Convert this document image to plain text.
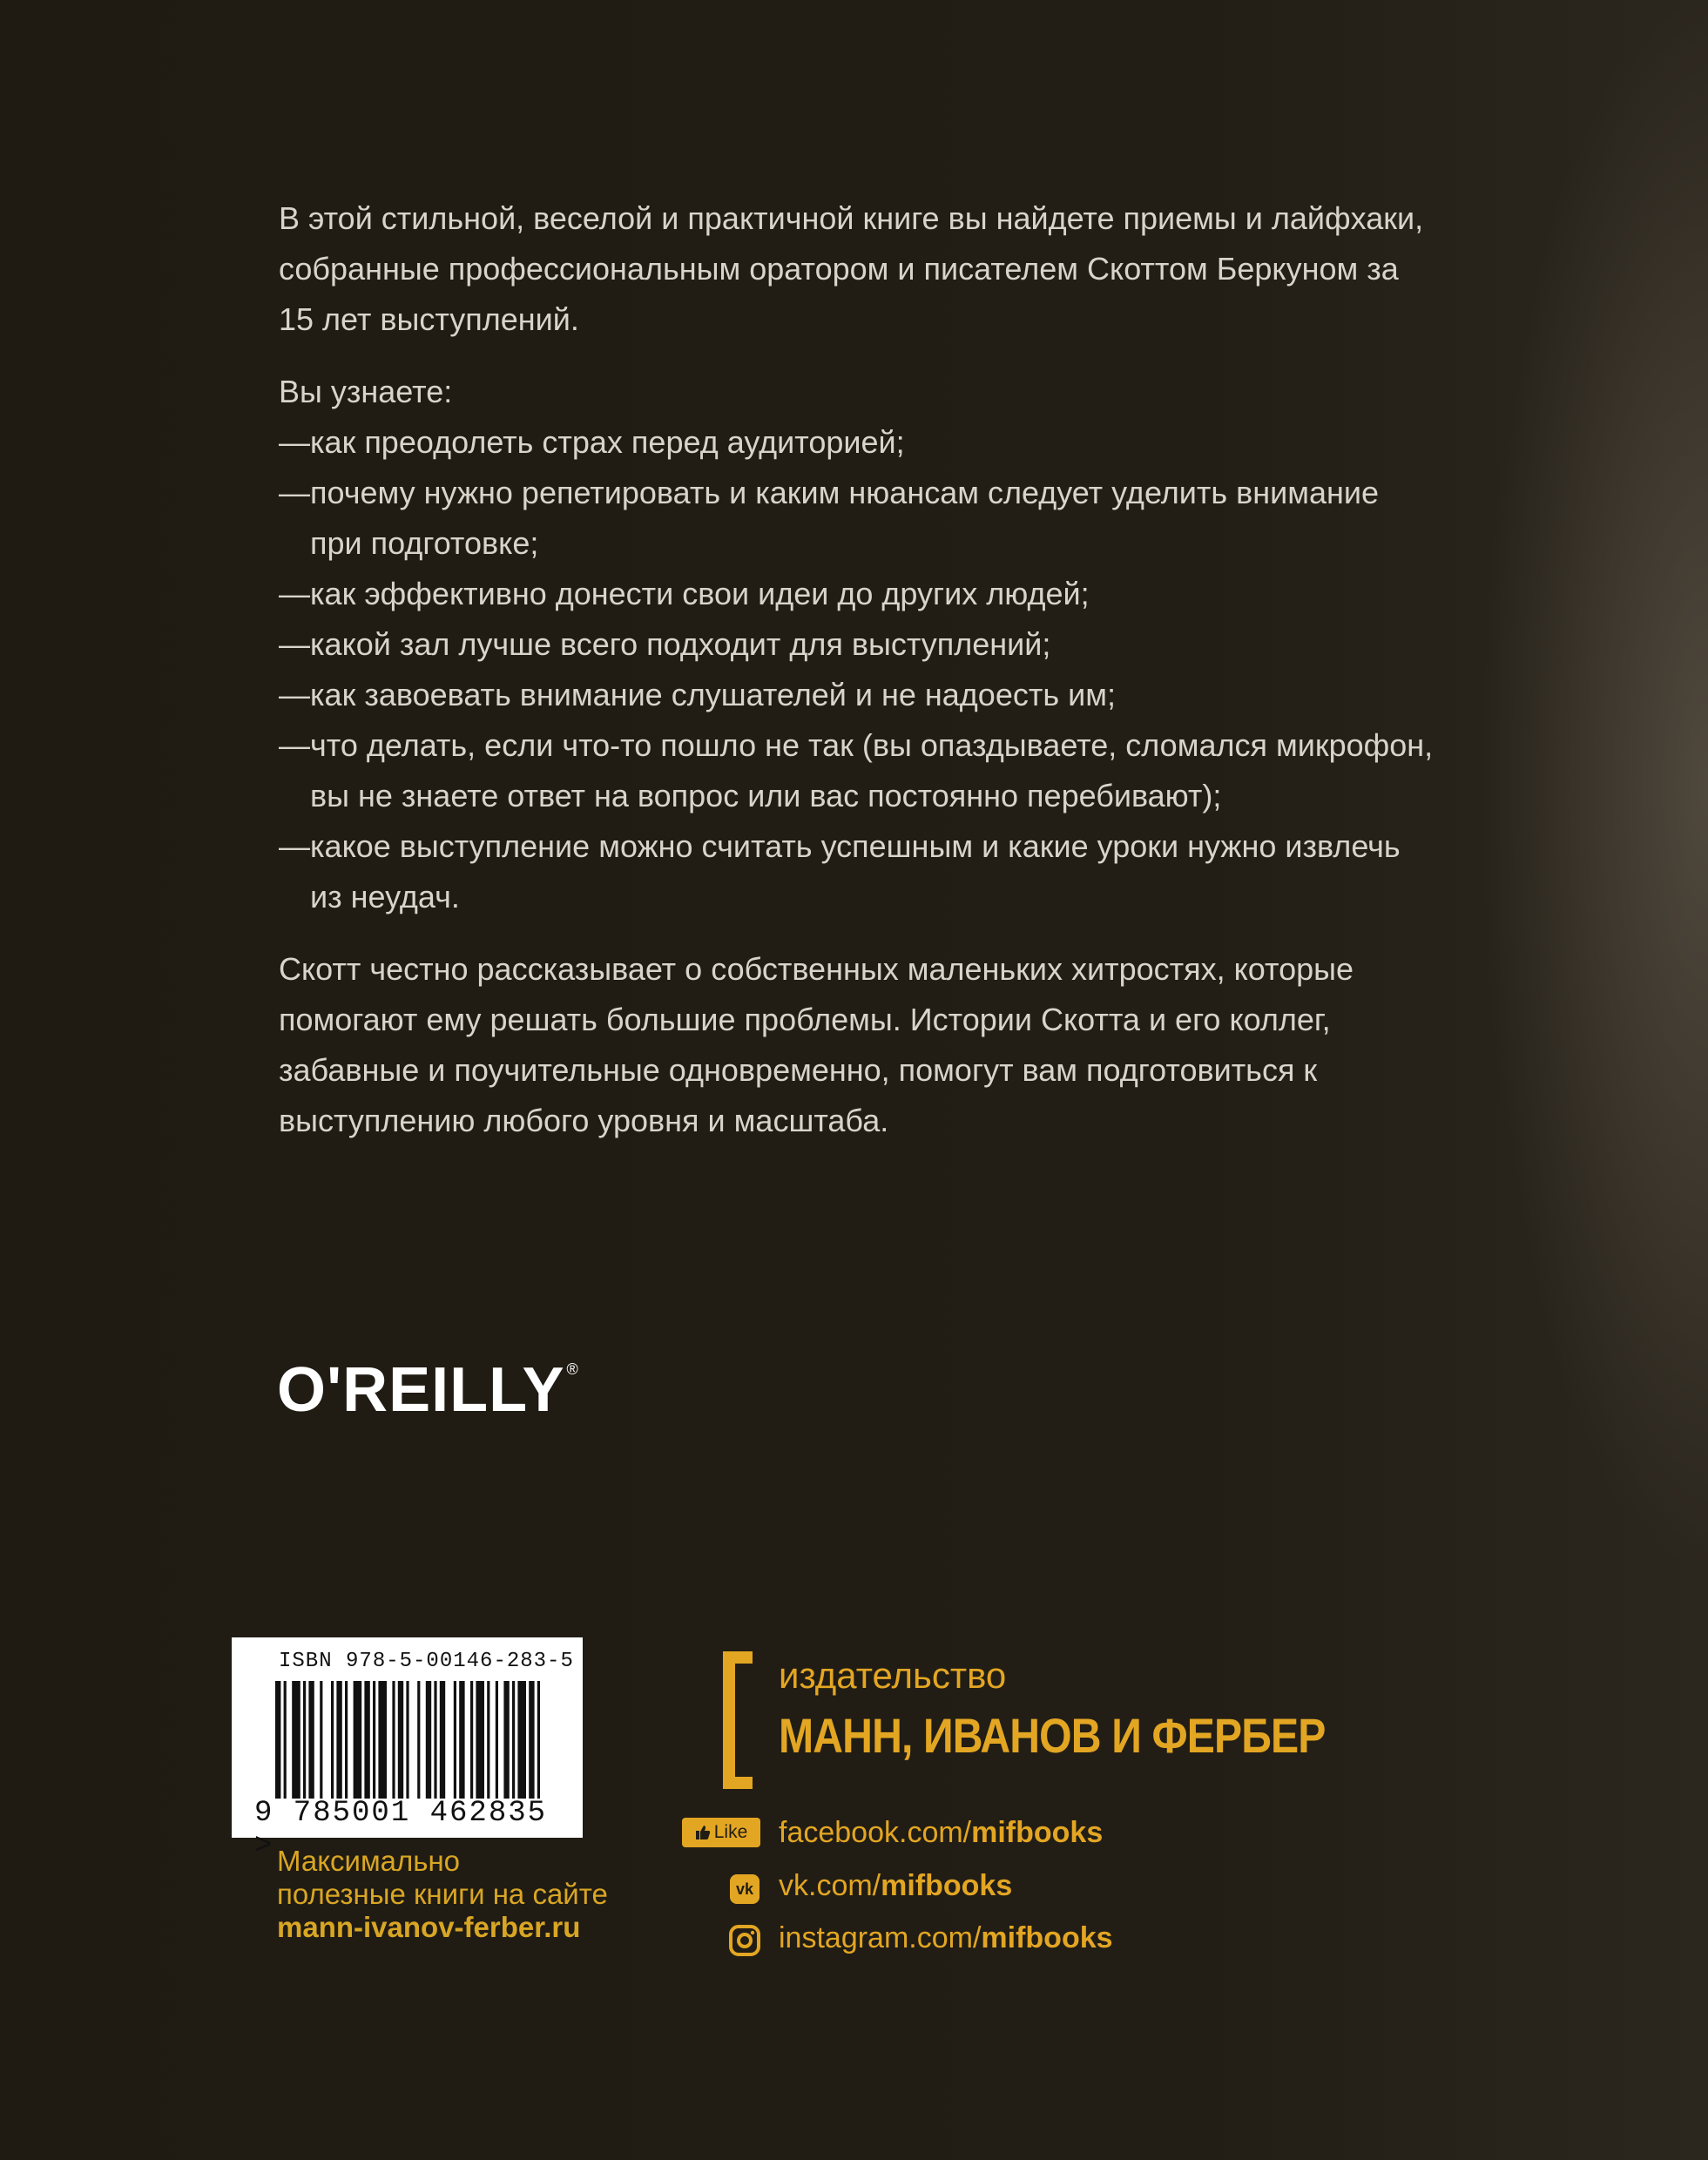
В этой стильной, веселой и практичной книге вы найдете приемы и лайфхаки, собранные профессиональным оратором и писателем Скоттом Беркуном за 15 лет выступлений.

Вы узнаете:

—как преодолеть страх перед аудиторией;
—почему нужно репетировать и каким нюансам следует уделить внимание при подготовке;
—как эффективно донести свои идеи до других людей;
—какой зал лучше всего подходит для выступлений;
—как завоевать внимание слушателей и не надоесть им;
—что делать, если что-то пошло не так (вы опаздываете, сломался микрофон, вы не знаете ответ на вопрос или вас постоянно перебивают);
—какое выступление можно считать успешным и какие уроки нужно извлечь из неудач.

Скотт честно рассказывает о собственных маленьких хитростях, которые помогают ему решать большие проблемы. Истории Скотта и его коллег, забавные и поучительные одновременно, помогут вам подготовиться к выступлению любого уровня и масштаба.

O'REILLY ®
ISBN 978-5-00146-283-5
9 785001 462835 > Максимально
полезные книги на сайте
mann-ivanov-ferber.ru
издательство
МАНН, ИВАНОВ И ФЕРБЕР
Like facebook.com/mifbooks
vk vk.com/mifbooks
instagram.com/mifbooks
